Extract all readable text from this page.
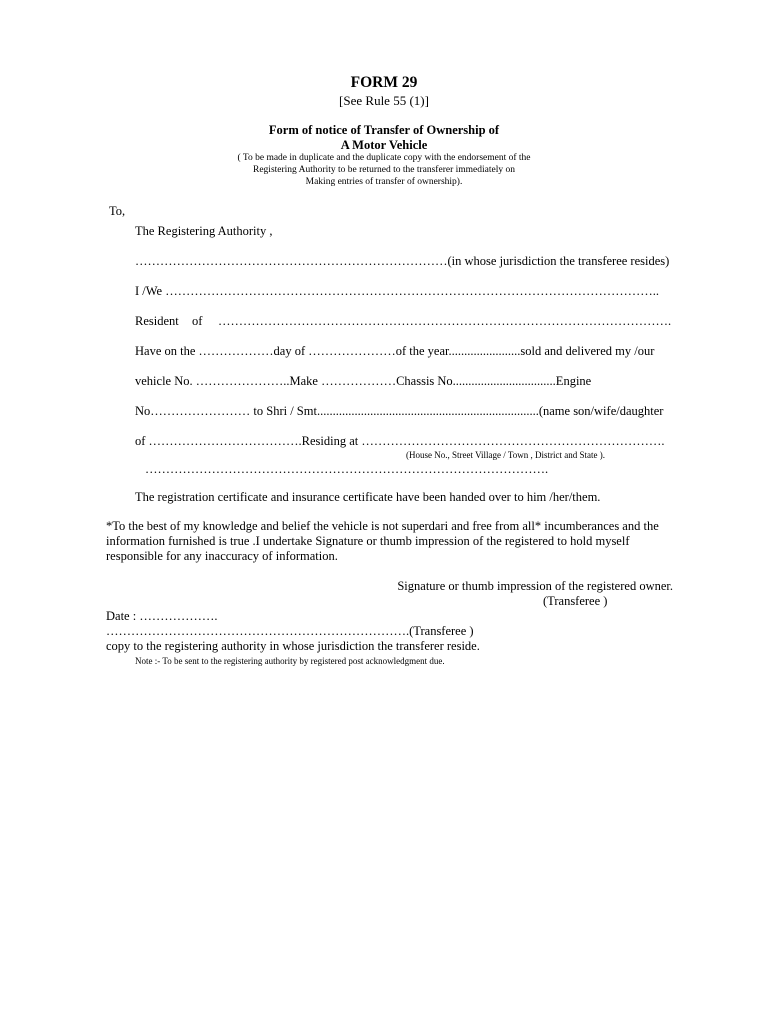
FORM 29
[See Rule 55 (1)]
Form of notice of Transfer of Ownership of
A Motor Vehicle
( To be made in duplicate and the duplicate copy with the endorsement of the
Registering Authority to be returned to the transferer immediately on
Making entries of transfer of ownership).
To,
The Registering Authority ,
…………………………………………………………………(in whose jurisdiction the transferee resides)
I /We ………………………………………………………………………………………………………..
Resident of ……………………………………………………………………………………………….
Have on the ………………day of …………………of the year.......................sold and delivered my /our
vehicle No. …………………..Make ………………Chassis No.................................Engine
No…………………… to Shri / Smt.......................................................................(name son/wife/daughter
of ……………………………….Residing at ……………………………………………………………….
(House No., Street Village / Town , District and State ).
…………………………………………………………………………………….
The registration certificate and insurance certificate have been handed over to him /her/them.
*To the best of my knowledge and belief the vehicle is not superdari and free from all* incumberances and the
information furnished is true .I undertake Signature or thumb impression of the registered to hold myself
responsible for any inaccuracy of information.
Signature or thumb impression of the registered owner.
(Transferee )
Date : ……………….
……………………………………………………………….(Transferee )
copy to the registering authority in whose jurisdiction the transferer reside.
Note :- To be sent to the registering authority by registered post acknowledgment due.
